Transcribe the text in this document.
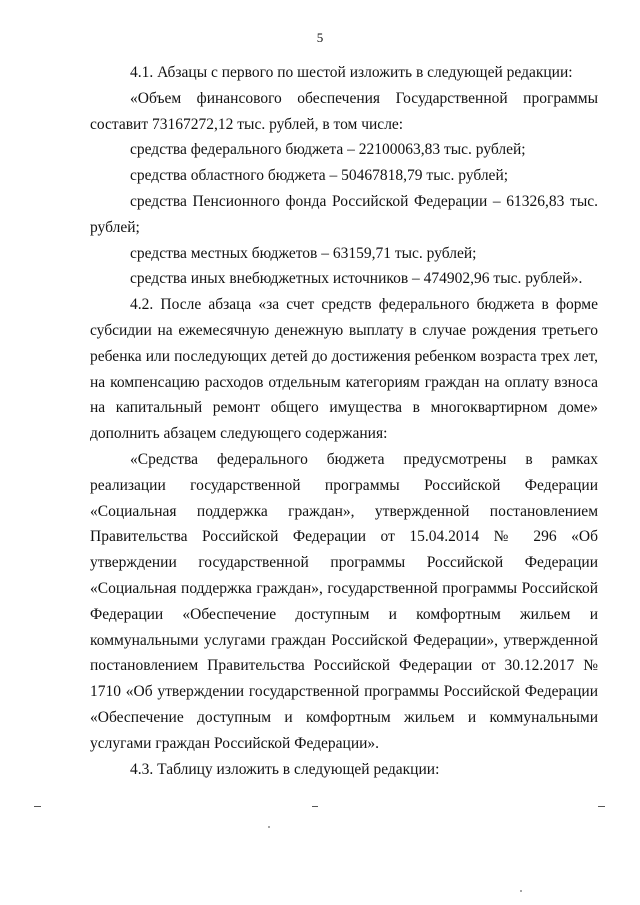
5

4.1. Абзацы с первого по шестой изложить в следующей редакции:

«Объем финансового обеспечения Государственной программы составит 73167272,12 тыс. рублей, в том числе:

средства федерального бюджета – 22100063,83 тыс. рублей;

средства областного бюджета – 50467818,79 тыс. рублей;

средства Пенсионного фонда Российской Федерации – 61326,83 тыс. рублей;

средства местных бюджетов – 63159,71 тыс. рублей;

средства иных внебюджетных источников – 474902,96 тыс. рублей».

4.2. После абзаца «за счет средств федерального бюджета в форме субсидии на ежемесячную денежную выплату в случае рождения третьего ребенка или последующих детей до достижения ребенком возраста трех лет, на компенсацию расходов отдельным категориям граждан на оплату взноса на капитальный ремонт общего имущества в многоквартирном доме» дополнить абзацем следующего содержания:

«Средства федерального бюджета предусмотрены в рамках реализации государственной программы Российской Федерации «Социальная поддержка граждан», утвержденной постановлением Правительства Российской Федерации от 15.04.2014 № 296 «Об утверждении государственной программы Российской Федерации «Социальная поддержка граждан», государственной программы Российской Федерации «Обеспечение доступным и комфортным жильем и коммунальными услугами граждан Российской Федерации», утвержденной постановлением Правительства Российской Федерации от 30.12.2017 № 1710 «Об утверждении государственной программы Российской Федерации «Обеспечение доступным и комфортным жильем и коммунальными услугами граждан Российской Федерации».

4.3. Таблицу изложить в следующей редакции:
